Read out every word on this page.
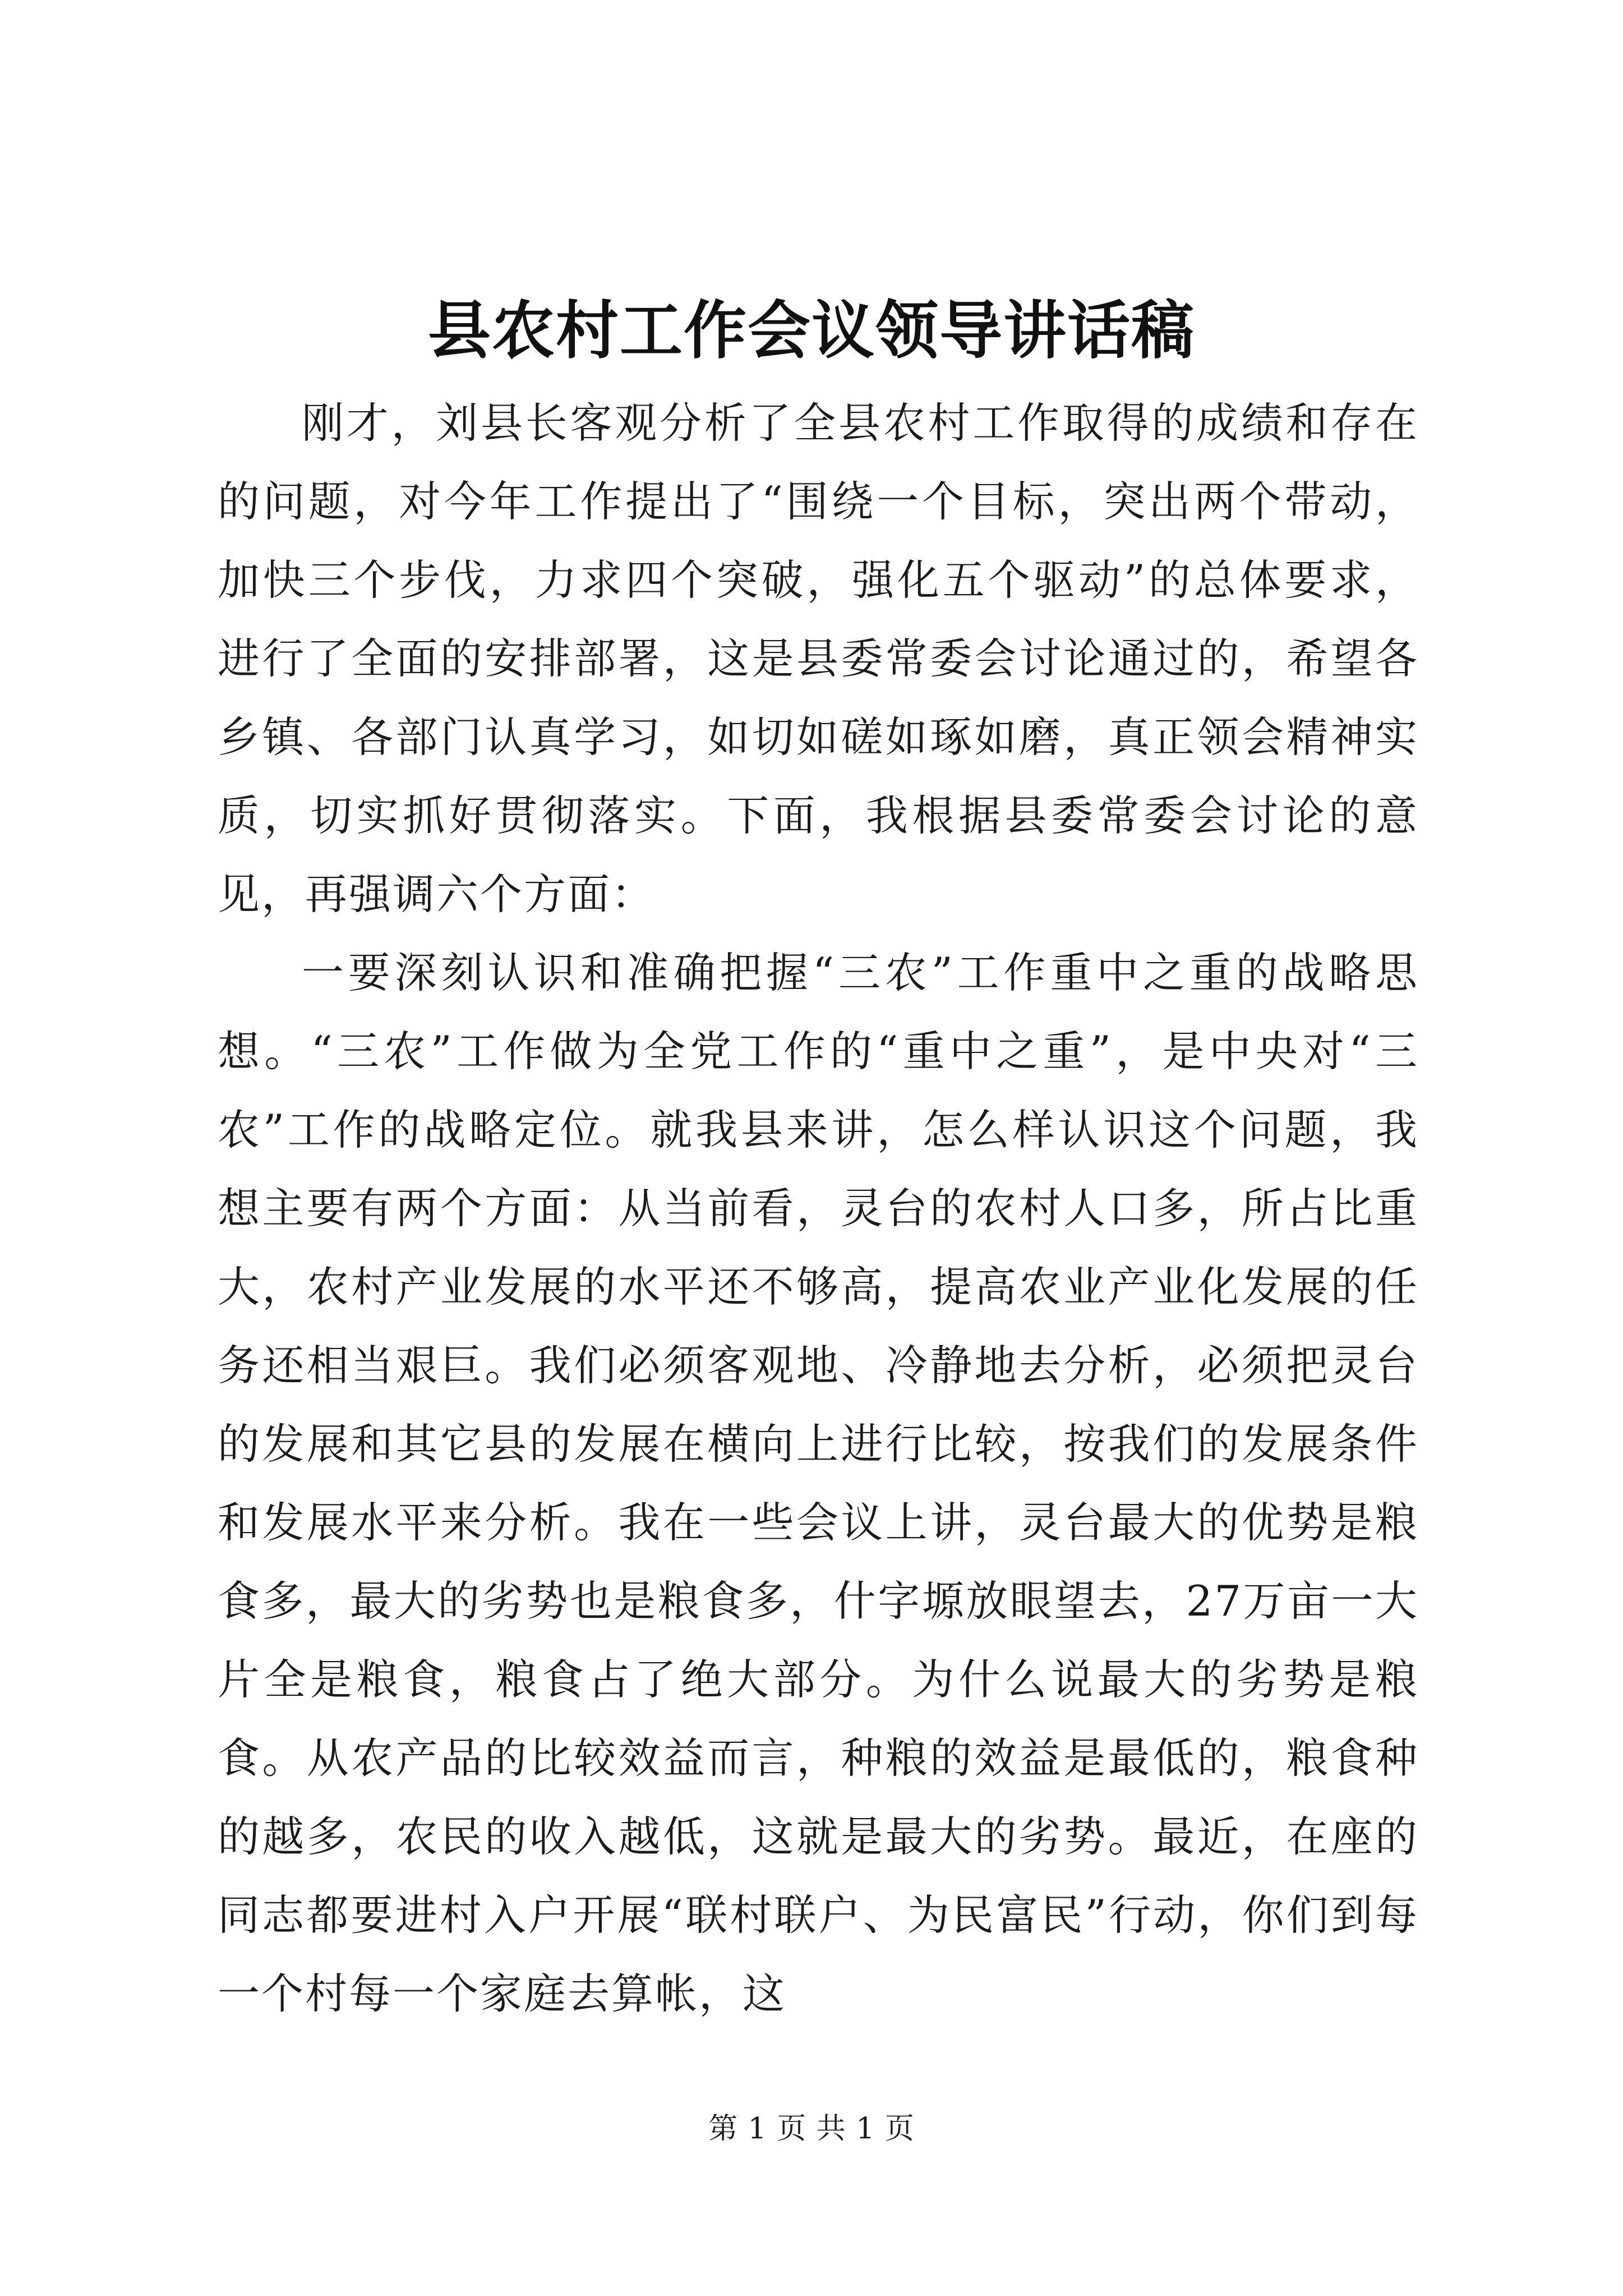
县农村工作会议领导讲话稿

刚才，刘县长客观分析了全县农村工作取得的成绩和存在的问题，对今年工作提出了“围绕一个目标，突出两个带动，加快三个步伐，力求四个突破，强化五个驱动”的总体要求，进行了全面的安排部署，这是县委常委会讨论通过的，希望各乡镇、各部门认真学习，如切如磋如琢如磨，真正领会精神实质，切实抓好贯彻落实。下面，我根据县委常委会讨论的意见，再强调六个方面：

一要深刻认识和准确把握“三农”工作重中之重的战略思想。“三农”工作做为全党工作的“重中之重”，是中央对“三农”工作的战略定位。就我县来讲，怎么样认识这个问题，我想主要有两个方面：从当前看，灵台的农村人口多，所占比重大，农村产业发展的水平还不够高，提高农业产业化发展的任务还相当艰巨。我们必须客观地、冷静地去分析，必须把灵台的发展和其它县的发展在横向上进行比较，按我们的发展条件和发展水平来分析。我在一些会议上讲，灵台最大的优势是粮食多，最大的劣势也是粮食多，什字塬放眼望去，27万亩一大片全是粮食，粮食占了绝大部分。为什么说最大的劣势是粮食。从农产品的比较效益而言，种粮的效益是最低的，粮食种的越多，农民的收入越低，这就是最大的劣势。最近，在座的同志都要进村入户开展“联村联户、为民富民”行动，你们到每一个村每一个家庭去算帐，这

第 1 页 共 1 页
